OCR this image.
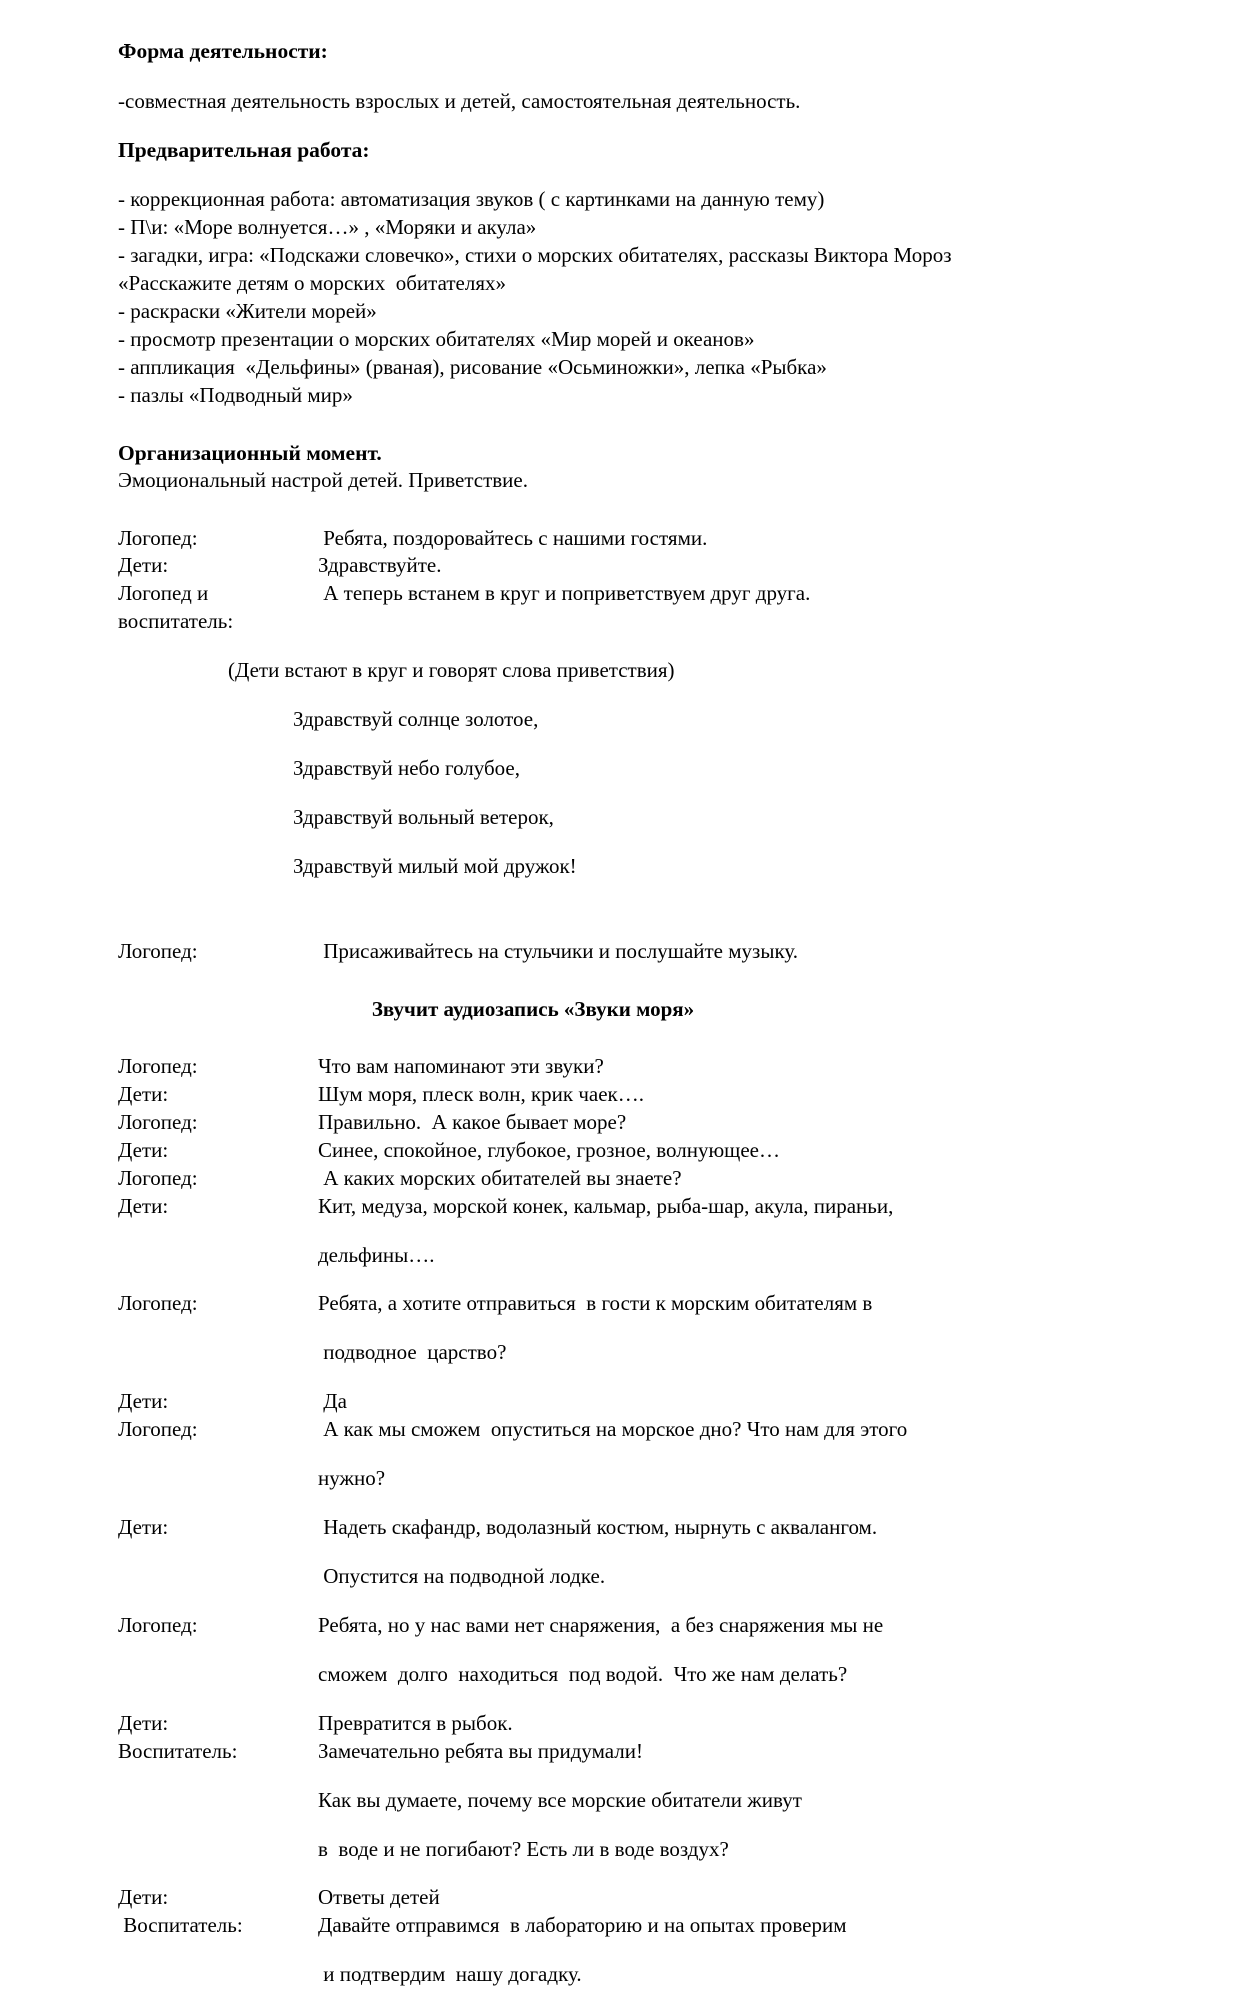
Форма деятельности:

-совместная деятельность взрослых и детей, самостоятельная деятельность.

Предварительная работа:
- коррекционная работа: автоматизация звуков ( с картинками на данную тему)
- П\и: «Море волнуется…» , «Моряки и акула»
- загадки, игра: «Подскажи словечко», стихи о морских обитателях, рассказы Виктора Мороз «Расскажите детям о морских  обитателях»
- раскраски «Жители морей»
- просмотр презентации о морских обитателях «Мир морей и океанов»
- аппликация  «Дельфины» (рваная), рисование «Осьминожки», лепка «Рыбка»
- пазлы «Подводный мир»
Организационный момент.

Эмоциональный настрой детей. Приветствие.

Логопед:	Ребята, поздоровайтесь с нашими гостями.
Дети:	Здравствуйте.
Логопед и	А теперь встанем в круг и поприветствуем друг друга.
воспитатель:

(Дети встают в круг и говорят слова приветствия)

Здравствуй солнце золотое,

Здравствуй небо голубое,

Здравствуй вольный ветерок,

Здравствуй милый мой дружок!

Логопед:	Присаживайтесь на стульчики и послушайте музыку.

Звучит аудиозапись «Звуки моря»

Логопед:	Что вам напоминают эти звуки?
Дети:	Шум моря, плеск волн, крик чаек….
Логопед:	Правильно.  А какое бывает море?
Дети:	Синее, спокойное, глубокое, грозное, волнующее…
Логопед:	А каких морских обитателей вы знаете?
Дети:	Кит, медуза, морской конек, кальмар, рыба-шар, акула, пираньи,

дельфины….

Логопед:	Ребята, а хотите отправиться  в гости к морским обитателям в

подводное  царство?

Дети:	Да
Логопед:	А как мы сможем  опуститься на морское дно? Что нам для этого

нужно?

Дети:	Надеть скафандр, водолазный костюм, нырнуть с аквалангом.

Опустится на подводной лодке.

Логопед:	Ребята, но у нас вами нет снаряжения,  а без снаряжения мы не

сможем  долго  находиться  под водой.  Что же нам делать?

Дети:	Превратится в рыбок.
Воспитатель:	Замечательно ребята вы придумали!

Как вы думаете, почему все морские обитатели живут

в  воде и не погибают? Есть ли в воде воздух?

Дети:	Ответы детей
Воспитатель:	Давайте отправимся  в лабораторию и на опытах проверим

и подтвердим  нашу догадку.
